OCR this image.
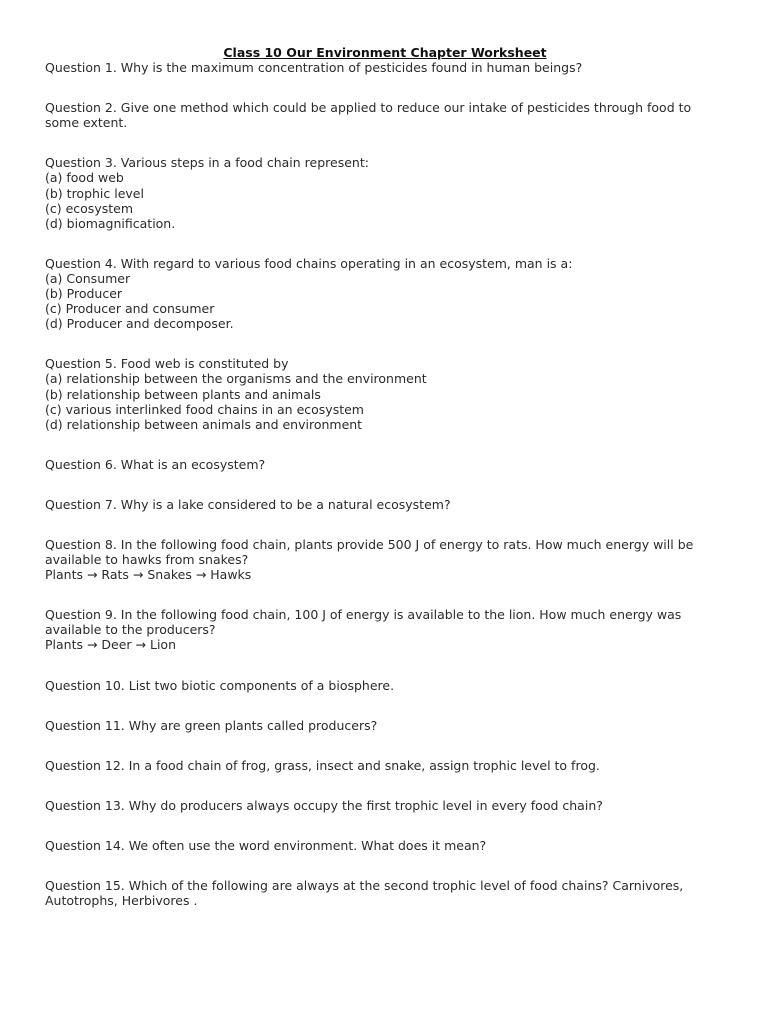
Class 10 Our Environment Chapter Worksheet

Question 1. Why is the maximum concentration of pesticides found in human beings?

Question 2. Give one method which could be applied to reduce our intake of pesticides through food to some extent.

Question 3. Various steps in a food chain represent:

(a) food web

(b) trophic level

(c) ecosystem

(d) biomagnification.

Question 4. With regard to various food chains operating in an ecosystem, man is a:

(a) Consumer

(b) Producer

(c) Producer and consumer

(d) Producer and decomposer.

Question 5. Food web is constituted by

(a) relationship between the organisms and the environment

(b) relationship between plants and animals

(c) various interlinked food chains in an ecosystem

(d) relationship between animals and environment

Question 6. What is an ecosystem?

Question 7. Why is a lake considered to be a natural ecosystem?

Question 8. In the following food chain, plants provide 500 J of energy to rats. How much energy will be available to hawks from snakes?

Plants → Rats → Snakes → Hawks

Question 9. In the following food chain, 100 J of energy is available to the lion. How much energy was available to the producers?

Plants → Deer → Lion

Question 10. List two biotic components of a biosphere.

Question 11. Why are green plants called producers?

Question 12. In a food chain of frog, grass, insect and snake, assign trophic level to frog.

Question 13. Why do producers always occupy the first trophic level in every food chain?

Question 14. We often use the word environment. What does it mean?

Question 15. Which of the following are always at the second trophic level of food chains? Carnivores, Autotrophs, Herbivores .
